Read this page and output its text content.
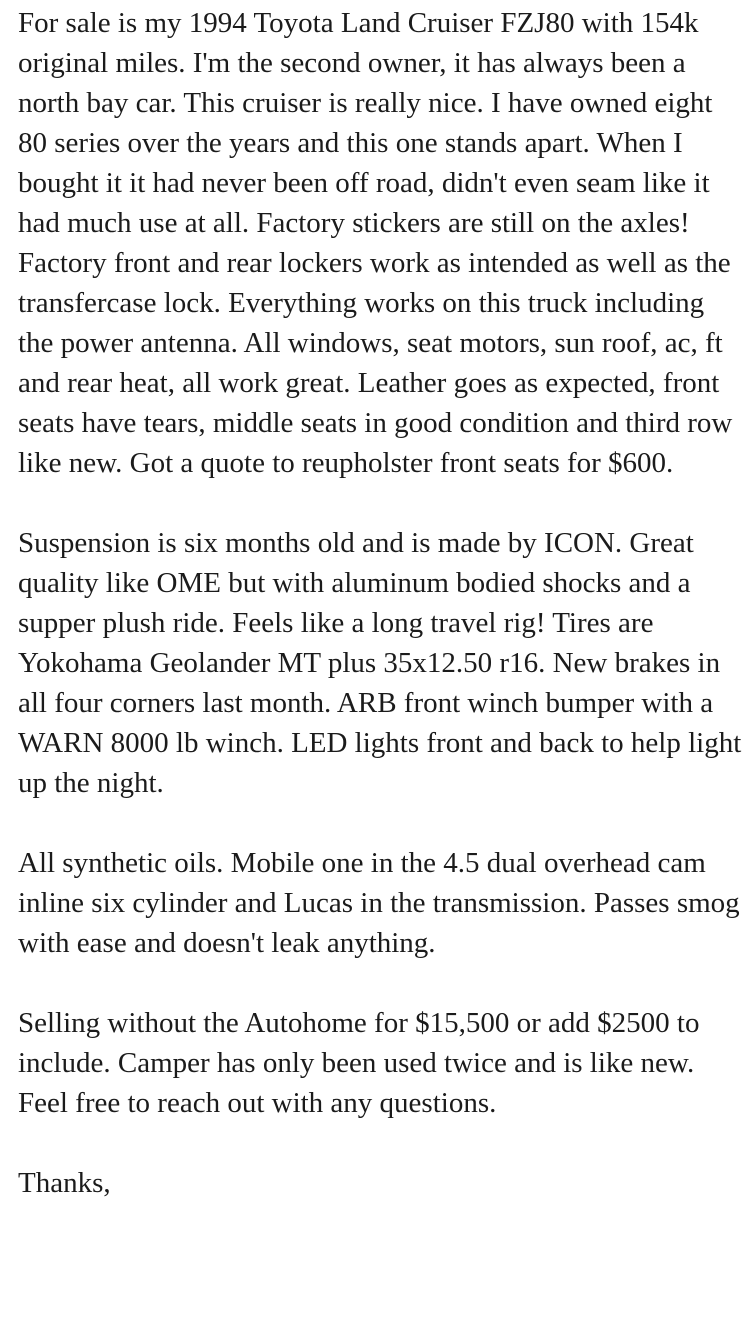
For sale is my 1994 Toyota Land Cruiser FZJ80 with 154k original miles. I'm the second owner, it has always been a north bay car. This cruiser is really nice. I have owned eight 80 series over the years and this one stands apart. When I bought it it had never been off road, didn't even seam like it had much use at all. Factory stickers are still on the axles! Factory front and rear lockers work as intended as well as the transfercase lock. Everything works on this truck including the power antenna. All windows, seat motors, sun roof, ac, ft and rear heat, all work great. Leather goes as expected, front seats have tears, middle seats in good condition and third row like new. Got a quote to reupholster front seats for $600.

Suspension is six months old and is made by ICON. Great quality like OME but with aluminum bodied shocks and a supper plush ride. Feels like a long travel rig! Tires are Yokohama Geolander MT plus 35x12.50 r16. New brakes in all four corners last month. ARB front winch bumper with a WARN 8000 lb winch. LED lights front and back to help light up the night.

All synthetic oils. Mobile one in the 4.5 dual overhead cam inline six cylinder and Lucas in the transmission. Passes smog with ease and doesn't leak anything.

Selling without the Autohome for $15,500 or add $2500 to include. Camper has only been used twice and is like new. Feel free to reach out with any questions.

Thanks,
